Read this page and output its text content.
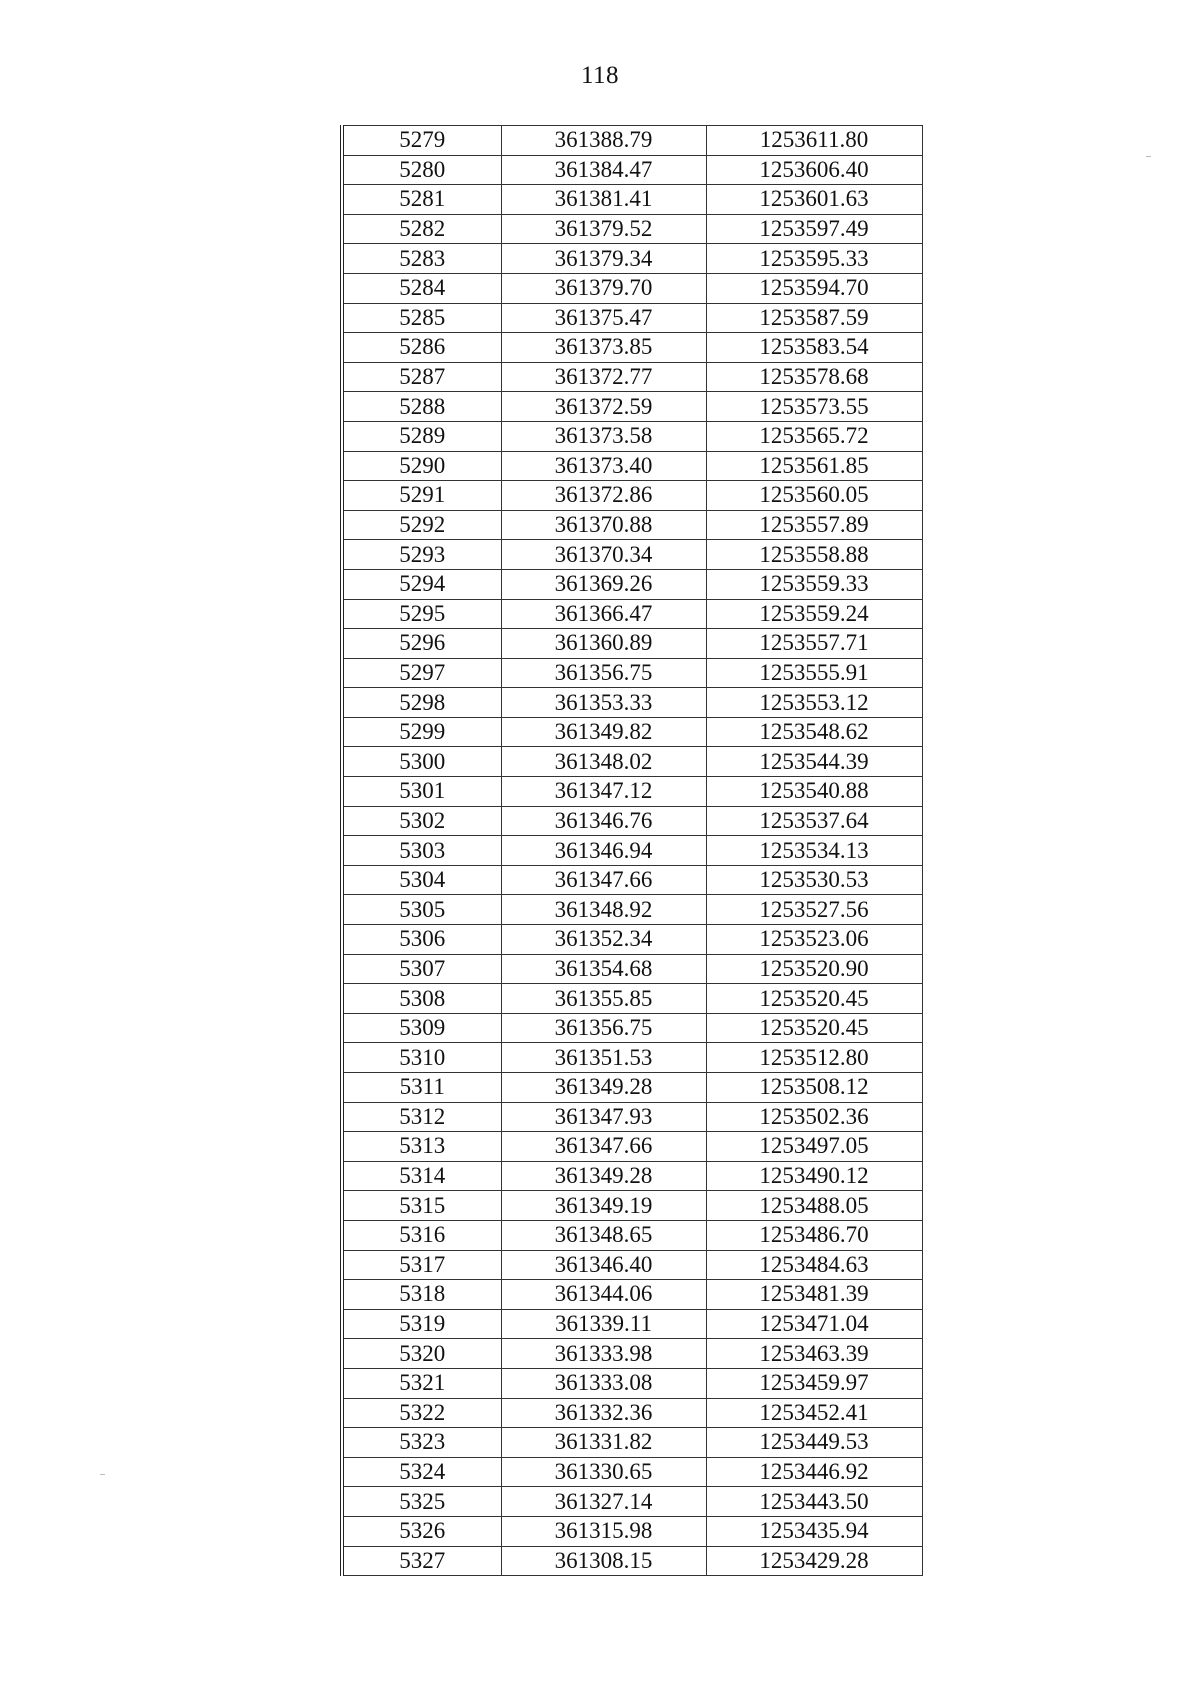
118
5279	361388.79	1253611.80
5280	361384.47	1253606.40
5281	361381.41	1253601.63
5282	361379.52	1253597.49
5283	361379.34	1253595.33
5284	361379.70	1253594.70
5285	361375.47	1253587.59
5286	361373.85	1253583.54
5287	361372.77	1253578.68
5288	361372.59	1253573.55
5289	361373.58	1253565.72
5290	361373.40	1253561.85
5291	361372.86	1253560.05
5292	361370.88	1253557.89
5293	361370.34	1253558.88
5294	361369.26	1253559.33
5295	361366.47	1253559.24
5296	361360.89	1253557.71
5297	361356.75	1253555.91
5298	361353.33	1253553.12
5299	361349.82	1253548.62
5300	361348.02	1253544.39
5301	361347.12	1253540.88
5302	361346.76	1253537.64
5303	361346.94	1253534.13
5304	361347.66	1253530.53
5305	361348.92	1253527.56
5306	361352.34	1253523.06
5307	361354.68	1253520.90
5308	361355.85	1253520.45
5309	361356.75	1253520.45
5310	361351.53	1253512.80
5311	361349.28	1253508.12
5312	361347.93	1253502.36
5313	361347.66	1253497.05
5314	361349.28	1253490.12
5315	361349.19	1253488.05
5316	361348.65	1253486.70
5317	361346.40	1253484.63
5318	361344.06	1253481.39
5319	361339.11	1253471.04
5320	361333.98	1253463.39
5321	361333.08	1253459.97
5322	361332.36	1253452.41
5323	361331.82	1253449.53
5324	361330.65	1253446.92
5325	361327.14	1253443.50
5326	361315.98	1253435.94
5327	361308.15	1253429.28
